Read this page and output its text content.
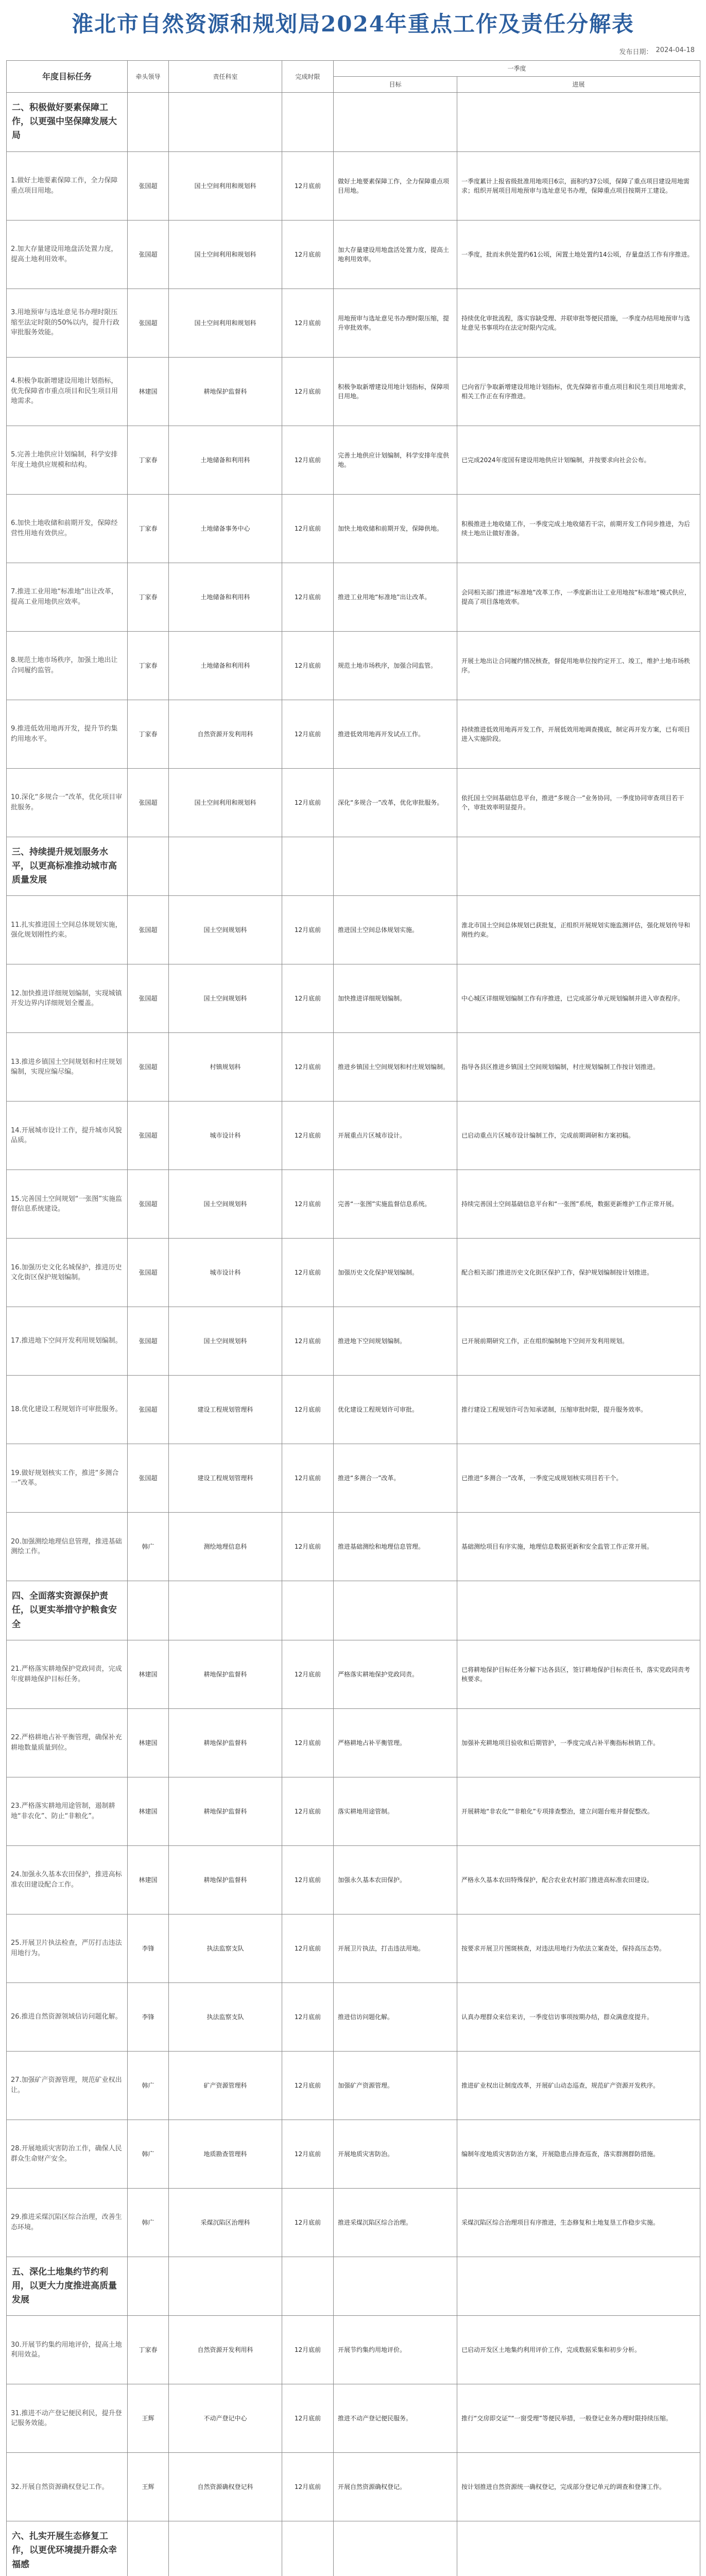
淮北市自然资源和规划局2024年重点工作及责任分解表
发布日期： 2024-04-18
年度目标任务	牵头领导	责任科室	完成时限	一季度	
				目标	进展
二、积极做好要素保障工作，以更强中坚保障发展大局					
1.做好土地要素保障工作，全力保障重点项目用地。	张国超	国土空间利用和规划科	12月底前	做好土地要素保障工作，全力保障重点项目用地。	一季度累计上报省级批准用地项目6宗，面积约37公顷，保障了重点项目建设用地需求；组织开展项目用地预审与选址意见书办理，保障重点项目按期开工建设。
2.加大存量建设用地盘活处置力度，提高土地利用效率。	张国超	国土空间利用和规划科	12月底前	加大存量建设用地盘活处置力度，提高土地利用效率。	一季度，批而未供处置约61公顷，闲置土地处置约14公顷，存量盘活工作有序推进。
3.用地预审与选址意见书办理时限压缩至法定时限的50%以内，提升行政审批服务效能。	张国超	国土空间利用和规划科	12月底前	用地预审与选址意见书办理时限压缩，提升审批效率。	持续优化审批流程，落实容缺受理、并联审批等便民措施，一季度办结用地预审与选址意见书事项均在法定时限内完成。
4.积极争取新增建设用地计划指标，优先保障省市重点项目和民生项目用地需求。	林建国	耕地保护监督科	12月底前	积极争取新增建设用地计划指标，保障项目用地。	已向省厅争取新增建设用地计划指标，优先保障省市重点项目和民生项目用地需求，相关工作正在有序推进。
5.完善土地供应计划编制，科学安排年度土地供应规模和结构。	丁家春	土地储备和利用科	12月底前	完善土地供应计划编制，科学安排年度供地。	已完成2024年度国有建设用地供应计划编制，并按要求向社会公布。
6.加快土地收储和前期开发，保障经营性用地有效供应。	丁家春	土地储备事务中心	12月底前	加快土地收储和前期开发，保障供地。	积极推进土地收储工作，一季度完成土地收储若干宗，前期开发工作同步推进，为后续土地出让做好准备。
7.推进工业用地“标准地”出让改革，提高工业用地供应效率。	丁家春	土地储备和利用科	12月底前	推进工业用地“标准地”出让改革。	会同相关部门推进“标准地”改革工作，一季度新出让工业用地按“标准地”模式供应，提高了项目落地效率。
8.规范土地市场秩序，加强土地出让合同履约监管。	丁家春	土地储备和利用科	12月底前	规范土地市场秩序，加强合同监管。	开展土地出让合同履约情况核查，督促用地单位按约定开工、竣工，维护土地市场秩序。
9.推进低效用地再开发，提升节约集约用地水平。	丁家春	自然资源开发利用科	12月底前	推进低效用地再开发试点工作。	持续推进低效用地再开发工作，开展低效用地调查摸底，制定再开发方案，已有项目进入实施阶段。
10.深化“多规合一”改革，优化项目审批服务。	张国超	国土空间利用和规划科	12月底前	深化“多规合一”改革，优化审批服务。	依托国土空间基础信息平台，推进“多规合一”业务协同，一季度协同审查项目若干个，审批效率明显提升。
三、持续提升规划服务水平，以更高标准推动城市高质量发展					
11.扎实推进国土空间总体规划实施，强化规划刚性约束。	张国超	国土空间规划科	12月底前	推进国土空间总体规划实施。	淮北市国土空间总体规划已获批复，正组织开展规划实施监测评估，强化规划传导和刚性约束。
12.加快推进详细规划编制，实现城镇开发边界内详细规划全覆盖。	张国超	国土空间规划科	12月底前	加快推进详细规划编制。	中心城区详细规划编制工作有序推进，已完成部分单元规划编制并进入审查程序。
13.推进乡镇国土空间规划和村庄规划编制，实现应编尽编。	张国超	村镇规划科	12月底前	推进乡镇国土空间规划和村庄规划编制。	指导各县区推进乡镇国土空间规划编制，村庄规划编制工作按计划推进。
14.开展城市设计工作，提升城市风貌品质。	张国超	城市设计科	12月底前	开展重点片区城市设计。	已启动重点片区城市设计编制工作，完成前期调研和方案初稿。
15.完善国土空间规划“一张图”实施监督信息系统建设。	张国超	国土空间规划科	12月底前	完善“一张图”实施监督信息系统。	持续完善国土空间基础信息平台和“一张图”系统，数据更新维护工作正常开展。
16.加强历史文化名城保护，推进历史文化街区保护规划编制。	张国超	城市设计科	12月底前	加强历史文化保护规划编制。	配合相关部门推进历史文化街区保护工作，保护规划编制按计划推进。
17.推进地下空间开发利用规划编制。	张国超	国土空间规划科	12月底前	推进地下空间规划编制。	已开展前期研究工作，正在组织编制地下空间开发利用规划。
18.优化建设工程规划许可审批服务。	张国超	建设工程规划管理科	12月底前	优化建设工程规划许可审批。	推行建设工程规划许可告知承诺制，压缩审批时限，提升服务效率。
19.做好规划核实工作，推进“多测合一”改革。	张国超	建设工程规划管理科	12月底前	推进“多测合一”改革。	已推进“多测合一”改革，一季度完成规划核实项目若干个。
20.加强测绘地理信息管理，推进基础测绘工作。	韩广	测绘地理信息科	12月底前	推进基础测绘和地理信息管理。	基础测绘项目有序实施，地理信息数据更新和安全监管工作正常开展。
四、全面落实资源保护责任，以更实举措守护粮食安全					
21.严格落实耕地保护党政同责，完成年度耕地保护目标任务。	林建国	耕地保护监督科	12月底前	严格落实耕地保护党政同责。	已将耕地保护目标任务分解下达各县区，签订耕地保护目标责任书，落实党政同责考核要求。
22.严格耕地占补平衡管理，确保补充耕地数量质量到位。	林建国	耕地保护监督科	12月底前	严格耕地占补平衡管理。	加强补充耕地项目验收和后期管护，一季度完成占补平衡指标核销工作。
23.严格落实耕地用途管制，遏制耕地“非农化”、防止“非粮化”。	林建国	耕地保护监督科	12月底前	落实耕地用途管制。	开展耕地“非农化”“非粮化”专项排查整治，建立问题台账并督促整改。
24.加强永久基本农田保护，推进高标准农田建设配合工作。	林建国	耕地保护监督科	12月底前	加强永久基本农田保护。	严格永久基本农田特殊保护，配合农业农村部门推进高标准农田建设。
25.开展卫片执法检查，严厉打击违法用地行为。	李锋	执法监察支队	12月底前	开展卫片执法，打击违法用地。	按要求开展卫片图斑核查，对违法用地行为依法立案查处，保持高压态势。
26.推进自然资源领域信访问题化解。	李锋	执法监察支队	12月底前	推进信访问题化解。	认真办理群众来信来访，一季度信访事项按期办结，群众满意度提升。
27.加强矿产资源管理，规范矿业权出让。	韩广	矿产资源管理科	12月底前	加强矿产资源管理。	推进矿业权出让制度改革，开展矿山动态巡查，规范矿产资源开发秩序。
28.开展地质灾害防治工作，确保人民群众生命财产安全。	韩广	地质勘查管理科	12月底前	开展地质灾害防治。	编制年度地质灾害防治方案，开展隐患点排查巡查，落实群测群防措施。
29.推进采煤沉陷区综合治理，改善生态环境。	韩广	采煤沉陷区治理科	12月底前	推进采煤沉陷区综合治理。	采煤沉陷区综合治理项目有序推进，生态修复和土地复垦工作稳步实施。
五、深化土地集约节约利用，以更大力度推进高质量发展					
30.开展节约集约用地评价，提高土地利用效益。	丁家春	自然资源开发利用科	12月底前	开展节约集约用地评价。	已启动开发区土地集约利用评价工作，完成数据采集和初步分析。
31.推进不动产登记便民利民，提升登记服务效能。	王辉	不动产登记中心	12月底前	推进不动产登记便民服务。	推行“交房即交证”“一窗受理”等便民举措，一般登记业务办理时限持续压缩。
32.开展自然资源确权登记工作。	王辉	自然资源确权登记科	12月底前	开展自然资源确权登记。	按计划推进自然资源统一确权登记，完成部分登记单元的调查和登簿工作。
六、扎实开展生态修复工作，以更优环境提升群众幸福感					
